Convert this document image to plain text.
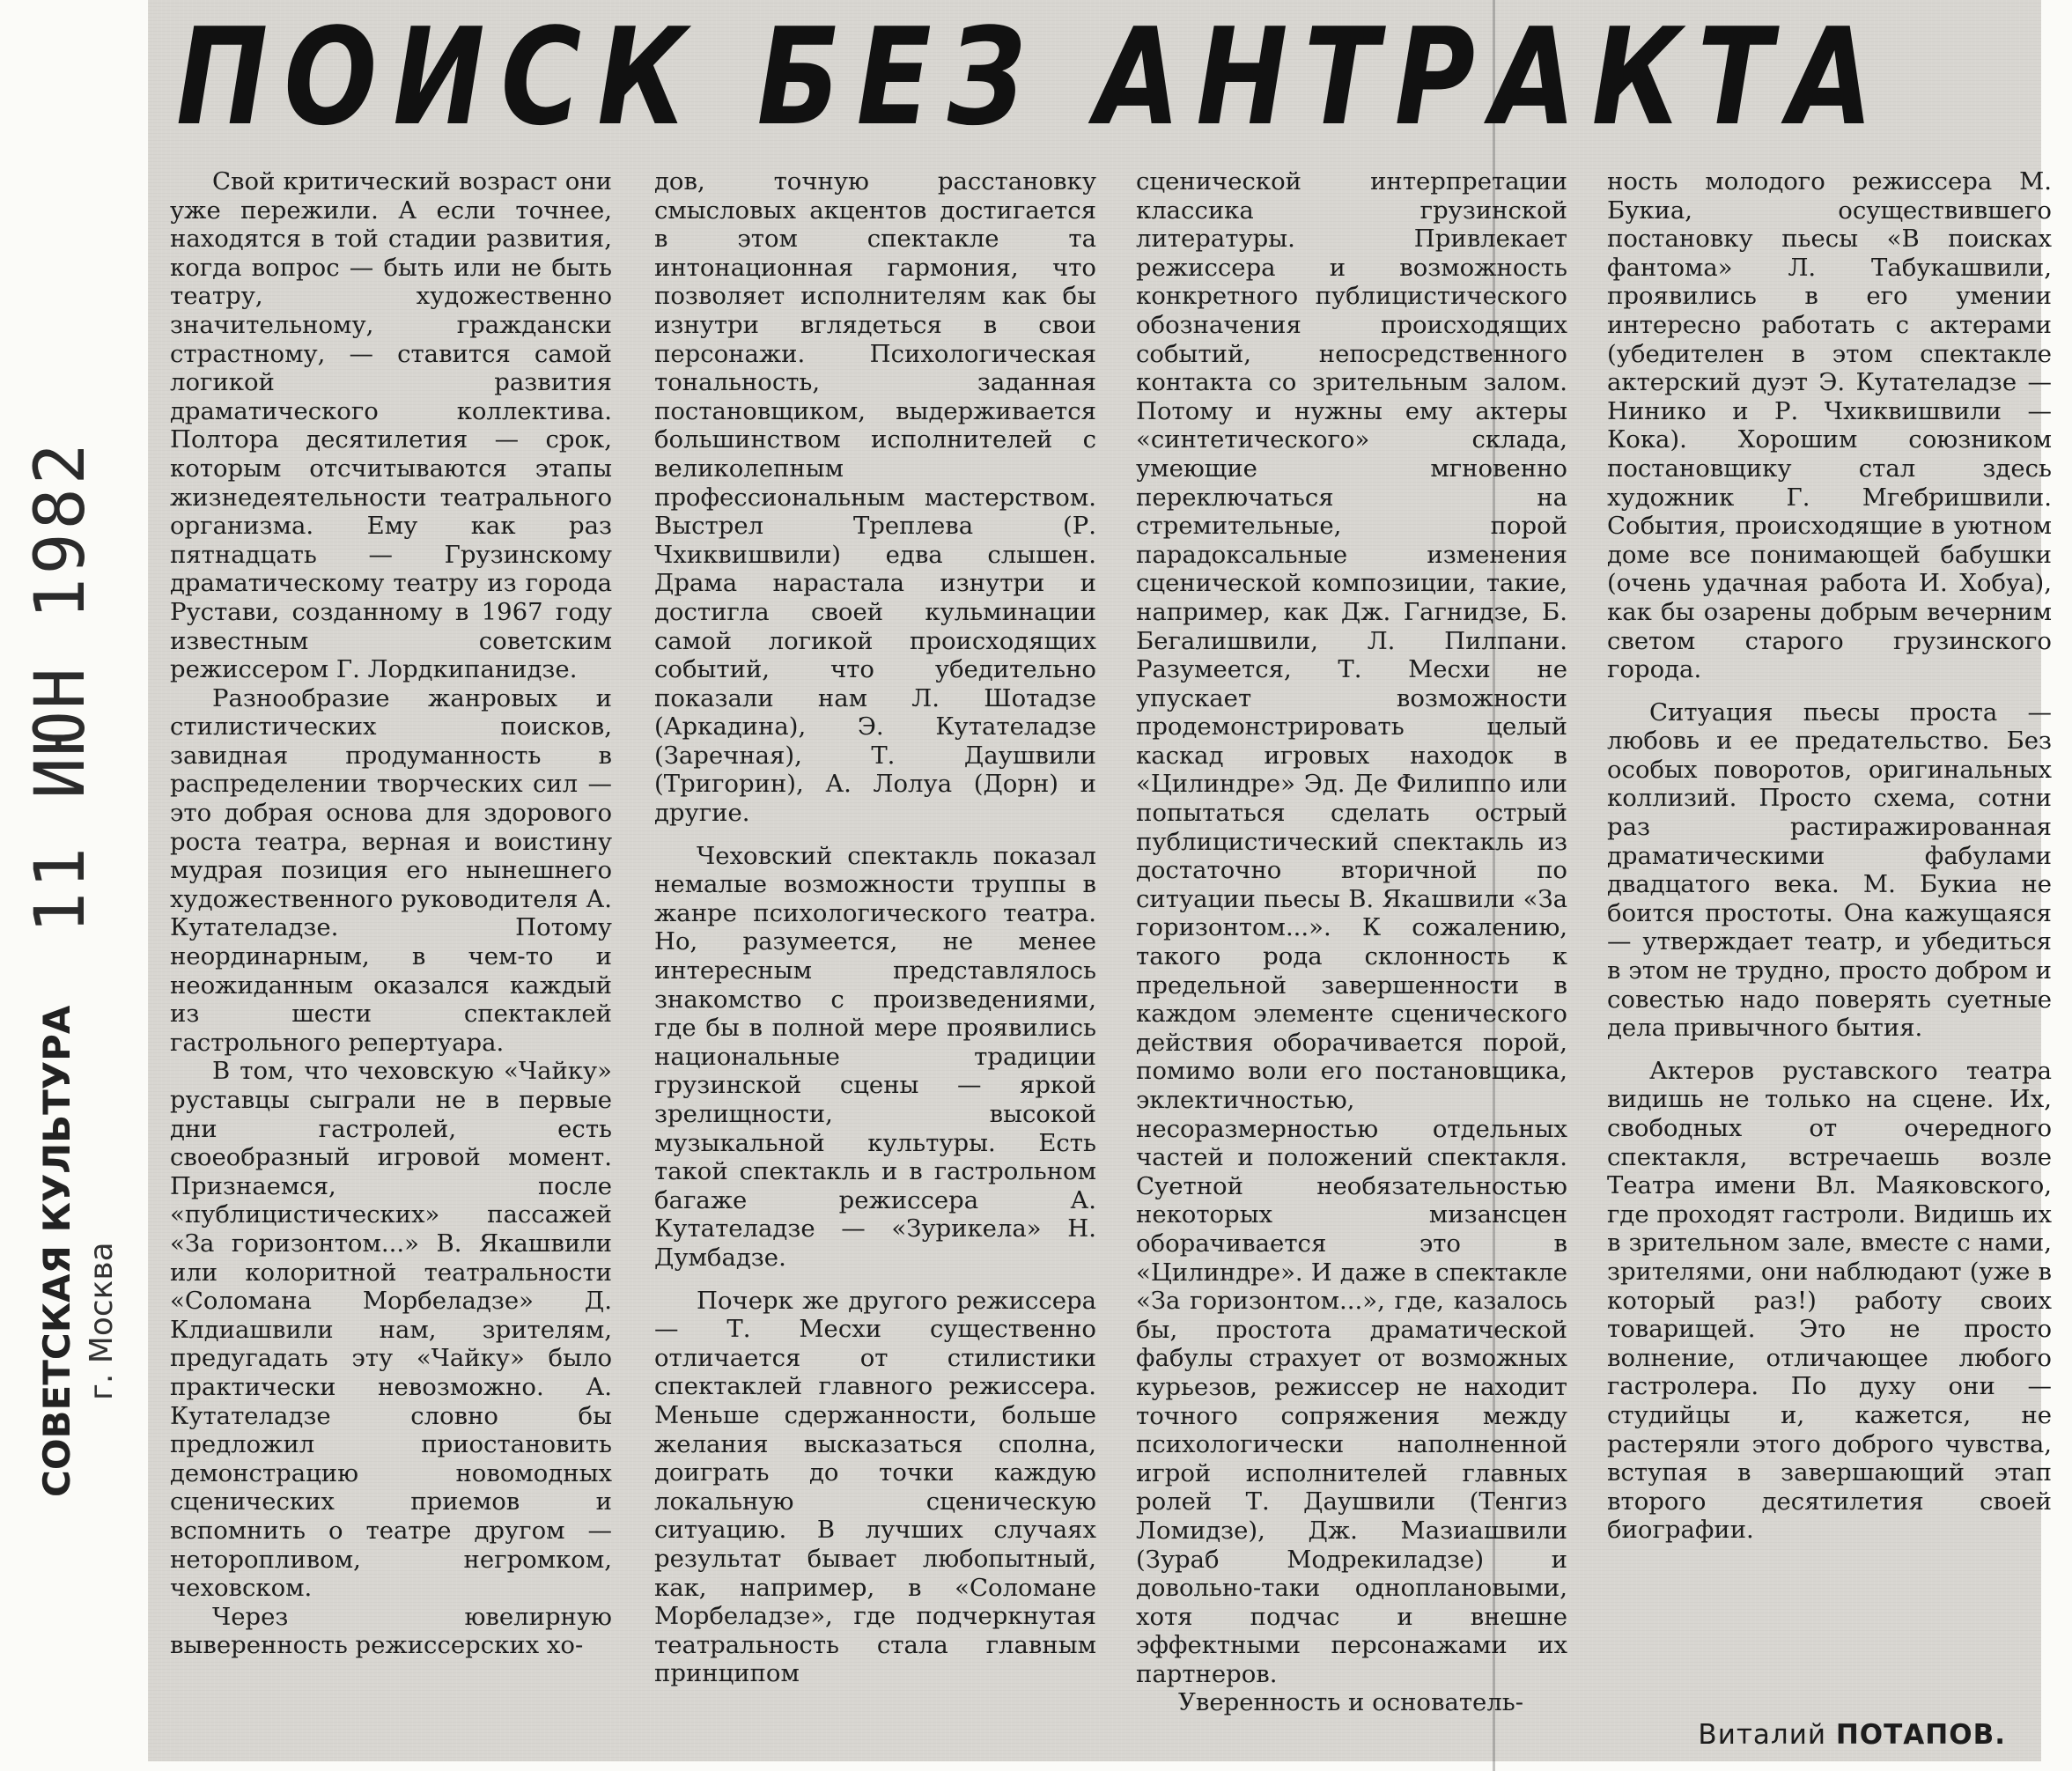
ПОИСК БЕЗ АНТРАКТА

Свой критический возраст они уже пережили. А если точнее, находятся в той стадии развития, когда вопрос — быть или не быть театру, художественно значительному, граждански страстному, — ставится самой логикой развития драматического коллектива. Полтора десятилетия — срок, которым отсчитываются этапы жизнедеятельности театрального организма. Ему как раз пятнадцать — Грузинскому драматическому театру из города Рустави, созданному в 1967 году известным советским режиссером Г. Лордкипанидзе.

Разнообразие жанровых и стилистических поисков, завидная продуманность в распределении творческих сил — это добрая основа для здорового роста театра, верная и воистину мудрая позиция его нынешнего художественного руководителя А. Кутателадзе. Потому неординарным, в чем-то и неожиданным оказался каждый из шести спектаклей гастрольного репертуара.

В том, что чеховскую «Чайку» руставцы сыграли не в первые дни гастролей, есть своеобразный игровой момент. Признаемся, после «публицистических» пассажей «За горизонтом...» В. Якашвили или колоритной театральности «Соломана Морбеладзе» Д. Клдиашвили нам, зрителям, предугадать эту «Чайку» было практически невозможно. А. Кутателадзе словно бы предложил приостановить демонстрацию новомодных сценических приемов и вспомнить о театре другом — неторопливом, негромком, чеховском.

Через ювелирную выверенность режиссерских хо-

дов, точную расстановку смысловых акцентов достигается в этом спектакле та интонационная гармония, что позволяет исполнителям как бы изнутри вглядеться в свои персонажи. Психологическая тональность, заданная постановщиком, выдерживается большинством исполнителей с великолепным профессиональным мастерством. Выстрел Треплева (Р. Чхиквишвили) едва слышен. Драма нарастала изнутри и достигла своей кульминации самой логикой происходящих событий, что убедительно показали нам Л. Шотадзе (Аркадина), Э. Кутателадзе (Заречная), Т. Даушвили (Тригорин), А. Лолуа (Дорн) и другие.

Чеховский спектакль показал немалые возможности труппы в жанре психологического театра. Но, разумеется, не менее интересным представлялось знакомство с произведениями, где бы в полной мере проявились национальные традиции грузинской сцены — яркой зрелищности, высокой музыкальной культуры. Есть такой спектакль и в гастрольном багаже режиссера А. Кутателадзе — «Зурикела» Н. Думбадзе.

Почерк же другого режиссера — Т. Месхи существенно отличается от стилистики спектаклей главного режиссера. Меньше сдержанности, больше желания высказаться сполна, доиграть до точки каждую локальную сценическую ситуацию. В лучших случаях результат бывает любопытный, как, например, в «Соломане Морбеладзе», где подчеркнутая театральность стала главным принципом

сценической интерпретации классика грузинской литературы. Привлекает режиссера и возможность конкретного публицистического обозначения происходящих событий, непосредственного контакта со зрительным залом. Потому и нужны ему актеры «синтетического» склада, умеющие мгновенно переключаться на стремительные, порой парадоксальные изменения сценической композиции, такие, например, как Дж. Гагнидзе, Б. Бегалишвили, Л. Пилпани. Разумеется, Т. Месхи не упускает возможности продемонстрировать целый каскад игровых находок в «Цилиндре» Эд. Де Филиппо или попытаться сделать острый публицистический спектакль из достаточно вторичной по ситуации пьесы В. Якашвили «За горизонтом...». К сожалению, такого рода склонность к предельной завершенности в каждом элементе сценического действия оборачивается порой, помимо воли его постановщика, эклектичностью, несоразмерностью отдельных частей и положений спектакля. Суетной необязательностью некоторых мизансцен оборачивается это в «Цилиндре». И даже в спектакле «За горизонтом...», где, казалось бы, простота драматической фабулы страхует от возможных курьезов, режиссер не находит точного сопряжения между психологически наполненной игрой исполнителей главных ролей Т. Даушвили (Тенгиз Ломидзе), Дж. Мазиашвили (Зураб Модрекиладзе) и довольно-таки одноплановыми, хотя подчас и внешне эффектными персонажами их партнеров.

Уверенность и основатель-

ность молодого режиссера М. Букиа, осуществившего постановку пьесы «В поисках фантома» Л. Табукашвили, проявились в его умении интересно работать с актерами (убедителен в этом спектакле актерский дуэт Э. Кутателадзе — Нинико и Р. Чхиквишвили — Кока). Хорошим союзником постановщику стал здесь художник Г. Мгебришвили. События, происходящие в уютном доме все понимающей бабушки (очень удачная работа И. Хобуа), как бы озарены добрым вечерним светом старого грузинского города.

Ситуация пьесы проста — любовь и ее предательство. Без особых поворотов, оригинальных коллизий. Просто схема, сотни раз растиражированная драматическими фабулами двадцатого века. М. Букиа не боится простоты. Она кажущаяся — утверждает театр, и убедиться в этом не трудно, просто добром и совестью надо поверять суетные дела привычного бытия.

Актеров руставского театра видишь не только на сцене. Их, свободных от очередного спектакля, встречаешь возле Театра имени Вл. Маяковского, где проходят гастроли. Видишь их в зрительном зале, вместе с нами, зрителями, они наблюдают (уже в который раз!) работу своих товарищей. Это не просто волнение, отличающее любого гастролера. По духу они — студийцы и, кажется, не растеряли этого доброго чувства, вступая в завершающий этап второго десятилетия своей биографии.

Виталий ПОТАПОВ.
11 ИЮН 1982
СОВЕТСКАЯ КУЛЬТУРА г. Москва
